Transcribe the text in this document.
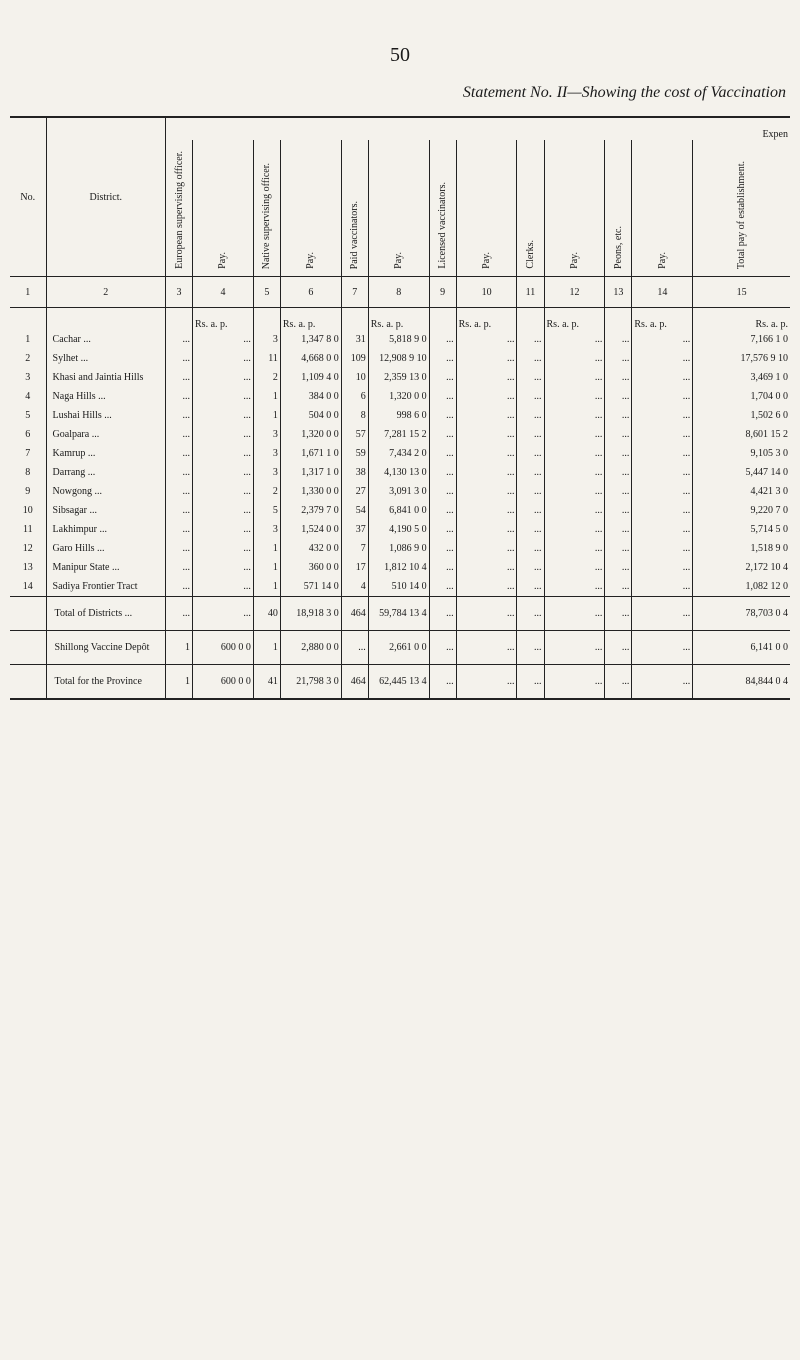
50
Statement No. II—Showing the cost of Vaccination
No.	District.	Expen												
		European supervising officer.	Pay.	Native supervising officer.	Pay.	Paid vaccinators.	Pay.	Licensed vaccinators.	Pay.	Clerks.	Pay.	Peons, etc.	Pay.	Total pay of establishment.
1	2	3	4	5	6	7	8	9	10	11	12	13	14	15
			Rs. a. p.		Rs. a. p.		Rs. a. p.		Rs. a. p.		Rs. a. p.		Rs. a. p.	Rs. a. p.
1	Cachar ...	...	...	3	1,347 8 0	31	5,818 9 0	...	...	...	...	...	...	7,166 1 0
2	Sylhet ...	...	...	11	4,668 0 0	109	12,908 9 10	...	...	...	...	...	...	17,576 9 10
3	Khasi and Jaintia Hills	...	...	2	1,109 4 0	10	2,359 13 0	...	...	...	...	...	...	3,469 1 0
4	Naga Hills ...	...	...	1	384 0 0	6	1,320 0 0	...	...	...	...	...	...	1,704 0 0
5	Lushai Hills ...	...	...	1	504 0 0	8	998 6 0	...	...	...	...	...	...	1,502 6 0
6	Goalpara ...	...	...	3	1,320 0 0	57	7,281 15 2	...	...	...	...	...	...	8,601 15 2
7	Kamrup ...	...	...	3	1,671 1 0	59	7,434 2 0	...	...	...	...	...	...	9,105 3 0
8	Darrang ...	...	...	3	1,317 1 0	38	4,130 13 0	...	...	...	...	...	...	5,447 14 0
9	Nowgong ...	...	...	2	1,330 0 0	27	3,091 3 0	...	...	...	...	...	...	4,421 3 0
10	Sibsagar ...	...	...	5	2,379 7 0	54	6,841 0 0	...	...	...	...	...	...	9,220 7 0
11	Lakhimpur ...	...	...	3	1,524 0 0	37	4,190 5 0	...	...	...	...	...	...	5,714 5 0
12	Garo Hills ...	...	...	1	432 0 0	7	1,086 9 0	...	...	...	...	...	...	1,518 9 0
13	Manipur State ...	...	...	1	360 0 0	17	1,812 10 4	...	...	...	...	...	...	2,172 10 4
14	Sadiya Frontier Tract	...	...	1	571 14 0	4	510 14 0	...	...	...	...	...	...	1,082 12 0
	Total of Districts ...	...	...	40	18,918 3 0	464	59,784 13 4	...	...	...	...	...	...	78,703 0 4
	Shillong Vaccine Depôt	1	600 0 0	1	2,880 0 0	...	2,661 0 0	...	...	...	...	...	...	6,141 0 0
	Total for the Province	1	600 0 0	41	21,798 3 0	464	62,445 13 4	...	...	...	...	...	...	84,844 0 4
